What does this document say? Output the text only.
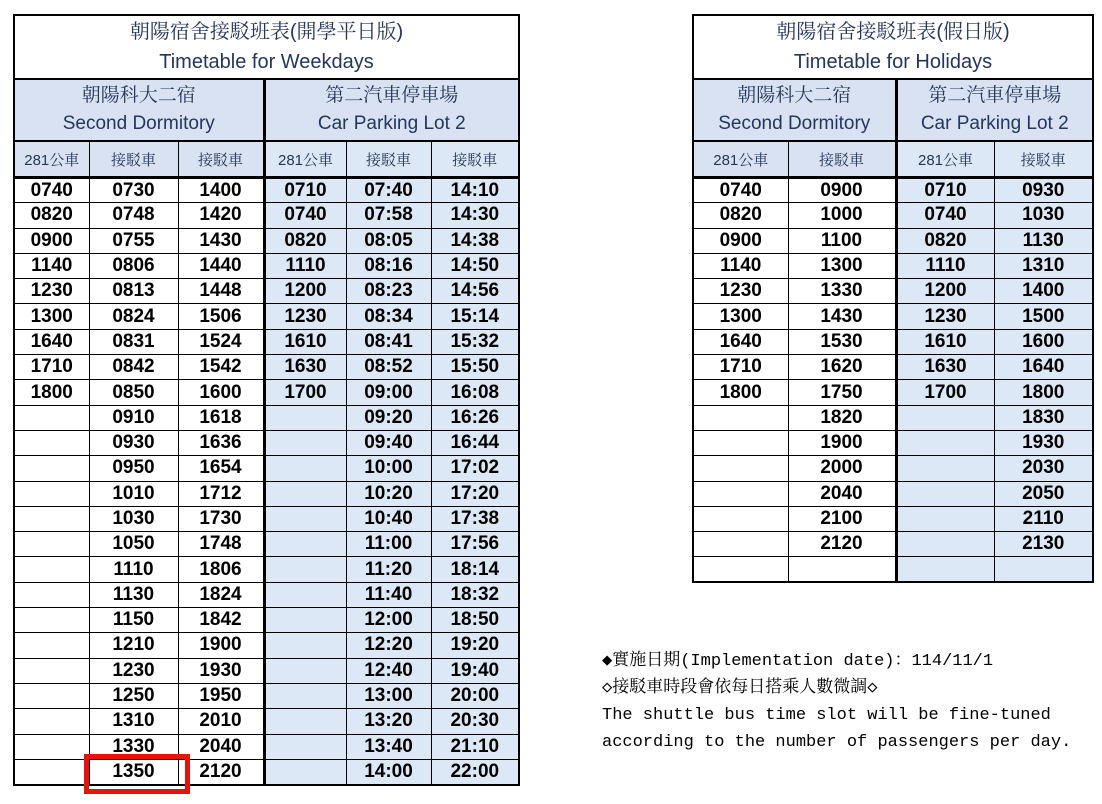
朝陽宿舍接駁班表(開學平日版)
Timetable for Weekdays					

朝陽科大二宿
Second Dormitory

第二汽車停車場
Car Parking Lot 2

281公車	接駁車	接駁車	281公車	接駁車	接駁車
0740	0730	1400	0710	07:40	14:10
0820	0748	1420	0740	07:58	14:30
0900	0755	1430	0820	08:05	14:38
1140	0806	1440	1110	08:16	14:50
1230	0813	1448	1200	08:23	14:56
1300	0824	1506	1230	08:34	15:14
1640	0831	1524	1610	08:41	15:32
1710	0842	1542	1630	08:52	15:50
1800	0850	1600	1700	09:00	16:08
	0910	1618		09:20	16:26
	0930	1636		09:40	16:44
	0950	1654		10:00	17:02
	1010	1712		10:20	17:20
	1030	1730		10:40	17:38
	1050	1748		11:00	17:56
	1110	1806		11:20	18:14
	1130	1824		11:40	18:32
	1150	1842		12:00	18:50
	1210	1900		12:20	19:20
	1230	1930		12:40	19:40
	1250	1950		13:00	20:00
	1310	2010		13:20	20:30
	1330	2040		13:40	21:10
	1350	2120		14:00	22:00
朝陽宿舍接駁班表(假日版)
Timetable for Holidays			

朝陽科大二宿
Second Dormitory

第二汽車停車場
Car Parking Lot 2

281公車	接駁車	281公車	接駁車
0740	0900	0710	0930
0820	1000	0740	1030
0900	1100	0820	1130
1140	1300	1110	1310
1230	1330	1200	1400
1300	1430	1230	1500
1640	1530	1610	1600
1710	1620	1630	1640
1800	1750	1700	1800
	1820		1830
	1900		1930
	2000		2030
	2040		2050
	2100		2110
	2120		2130

◆實施日期(Implementation date)：114/11/1
◇接駁車時段會依每日搭乘人數微調◇
The shuttle bus time slot will be fine-tuned
according to the number of passengers per day.
